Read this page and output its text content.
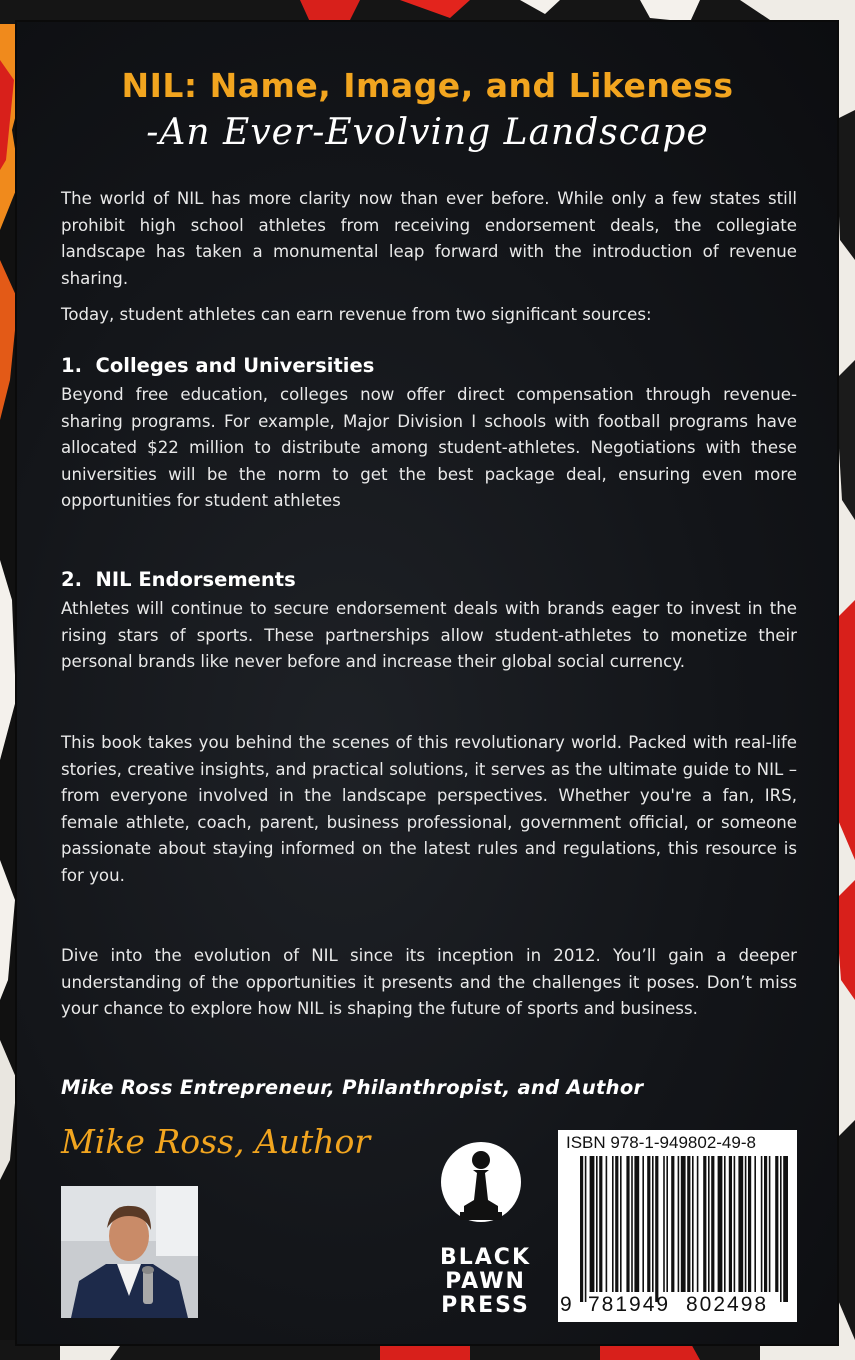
NIL: Name, Image, and Likeness
-An Ever-Evolving Landscape

The world of NIL has more clarity now than ever before. While only a few states still prohibit high school athletes from receiving endorsement deals, the collegiate landscape has taken a monumental leap forward with the introduction of revenue sharing.

Today, student athletes can earn revenue from two significant sources:

1.  Colleges and Universities

Beyond free education, colleges now offer direct compensation through revenue-sharing programs. For example, Major Division I schools with football programs have allocated $22 million to distribute among student-athletes. Negotiations with these universities will be the norm to get the best package deal, ensuring even more opportunities for student athletes

2.  NIL Endorsements

Athletes will continue to secure endorsement deals with brands eager to invest in the rising stars of sports. These partnerships allow student-athletes to monetize their personal brands like never before and increase their global social currency.

This book takes you behind the scenes of this revolutionary world. Packed with real-life stories, creative insights, and practical solutions, it serves as the ultimate guide to NIL – from everyone involved in the landscape perspectives. Whether you're a fan, IRS, female athlete, coach, parent, business professional, government official, or someone passionate about staying informed on the latest rules and regulations, this resource is for you.

Dive into the evolution of NIL since its inception in 2012. You’ll gain a deeper understanding of the opportunities it presents and the challenges it poses. Don’t miss your chance to explore how NIL is shaping the future of sports and business.

Mike Ross Entrepreneur, Philanthropist, and Author
Mike Ross, Author
BLACK
PAWN
PRESS
ISBN 978-1-949802-49-8
9 781949 802498
